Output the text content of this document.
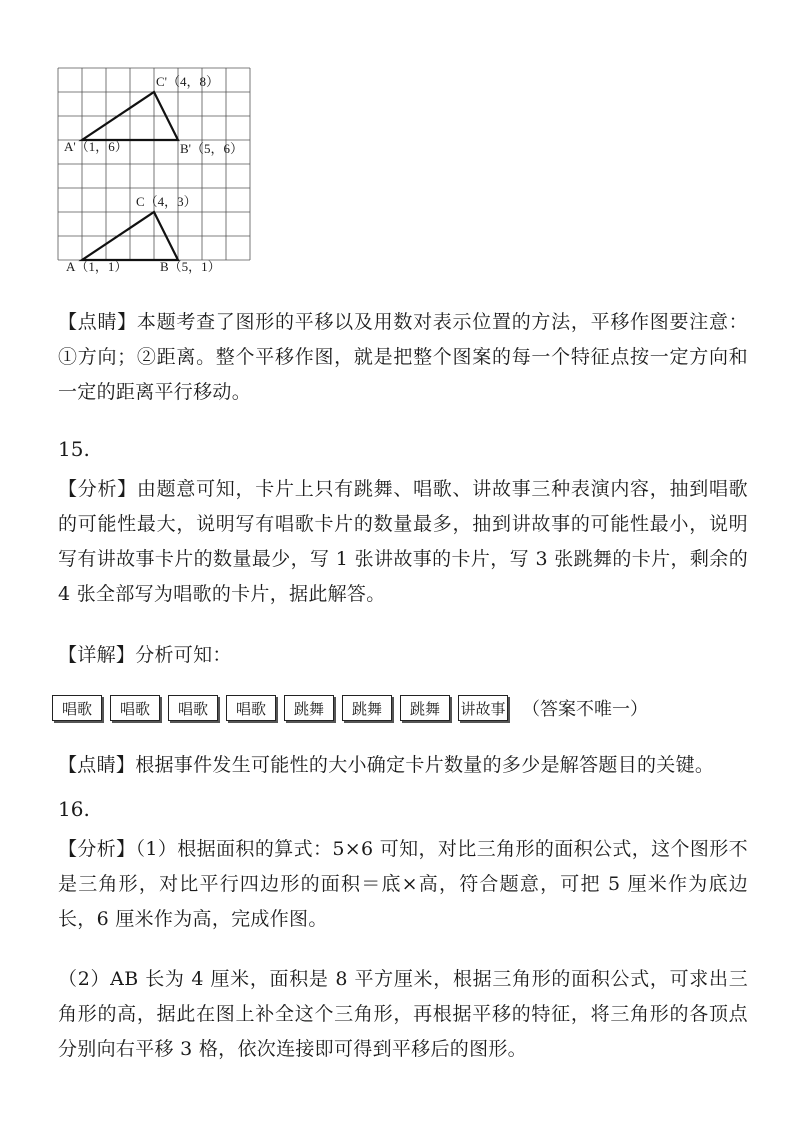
C'（4，8）
A'（1，6）	B'（5，6）
C（4，3）
A（1，1）	B（5，1）

【点睛】本题考查了图形的平移以及用数对表示位置的方法，平移作图要注意：①方向；②距离。整个平移作图，就是把整个图案的每一个特征点按一定方向和一定的距离平行移动。

15.

【分析】由题意可知，卡片上只有跳舞、唱歌、讲故事三种表演内容，抽到唱歌的可能性最大，说明写有唱歌卡片的数量最多，抽到讲故事的可能性最小，说明写有讲故事卡片的数量最少，写 1 张讲故事的卡片，写 3 张跳舞的卡片，剩余的 4 张全部写为唱歌的卡片，据此解答。

【详解】分析可知：

唱歌	唱歌	唱歌	唱歌	跳舞	跳舞	跳舞	讲故事 （答案不唯一）

【点睛】根据事件发生可能性的大小确定卡片数量的多少是解答题目的关键。

16.

【分析】（1）根据面积的算式：5×6 可知，对比三角形的面积公式，这个图形不是三角形，对比平行四边形的面积＝底×高，符合题意，可把 5 厘米作为底边长，6 厘米作为高，完成作图。

（2）AB 长为 4 厘米，面积是 8 平方厘米，根据三角形的面积公式，可求出三角形的高，据此在图上补全这个三角形，再根据平移的特征，将三角形的各顶点分别向右平移 3 格，依次连接即可得到平移后的图形。
